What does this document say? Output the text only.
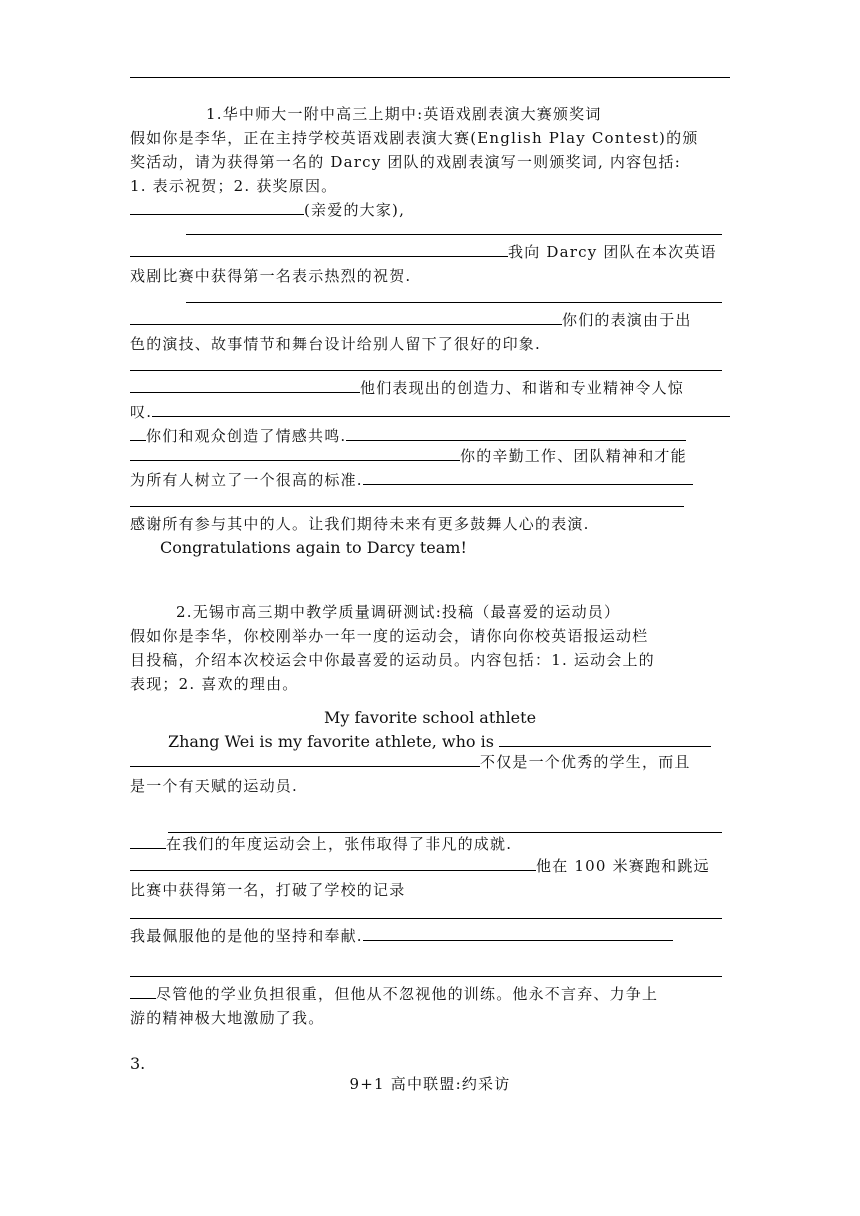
1.华中师大一附中高三上期中:英语戏剧表演大赛颁奖词
假如你是李华，正在主持学校英语戏剧表演大赛(English Play Contest)的颁
奖活动，请为获得第一名的 Darcy 团队的戏剧表演写一则颁奖词, 内容包括:
1. 表示祝贺；2. 获奖原因。
(亲爱的大家),
我向 Darcy 团队在本次英语
戏剧比赛中获得第一名表示热烈的祝贺.
你们的表演由于出
色的演技、故事情节和舞台设计给别人留下了很好的印象.
他们表现出的创造力、和谐和专业精神令人惊
叹.
你们和观众创造了情感共鸣.
你的辛勤工作、团队精神和才能
为所有人树立了一个很高的标准.
感谢所有参与其中的人。让我们期待未来有更多鼓舞人心的表演.
Congratulations again to Darcy team!
2.无锡市高三期中教学质量调研测试:投稿（最喜爱的运动员）
假如你是李华，你校刚举办一年一度的运动会，请你向你校英语报运动栏
目投稿，介绍本次校运会中你最喜爱的运动员。内容包括：1. 运动会上的
表现；2. 喜欢的理由。
My favorite school athlete
Zhang Wei is my favorite athlete, who is
不仅是一个优秀的学生，而且
是一个有天赋的运动员.
在我们的年度运动会上，张伟取得了非凡的成就.
他在 100 米赛跑和跳远
比赛中获得第一名，打破了学校的记录
我最佩服他的是他的坚持和奉献.
尽管他的学业负担很重，但他从不忽视他的训练。他永不言弃、力争上
游的精神极大地激励了我。
3.
9+1 高中联盟:约采访
